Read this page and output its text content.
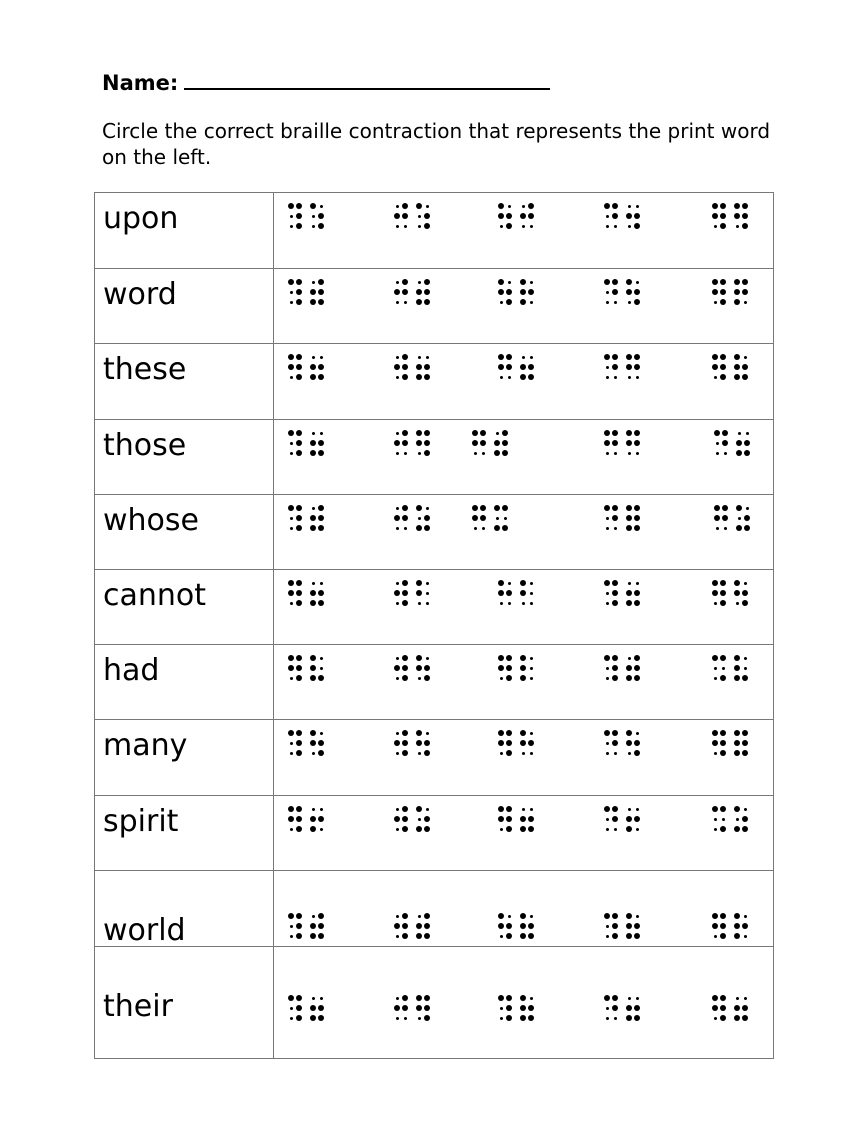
Name:
Circle the correct braille contraction that represents the print word on the left.
upon
word
these
those
whose
cannot
had
many
spirit
world
their
